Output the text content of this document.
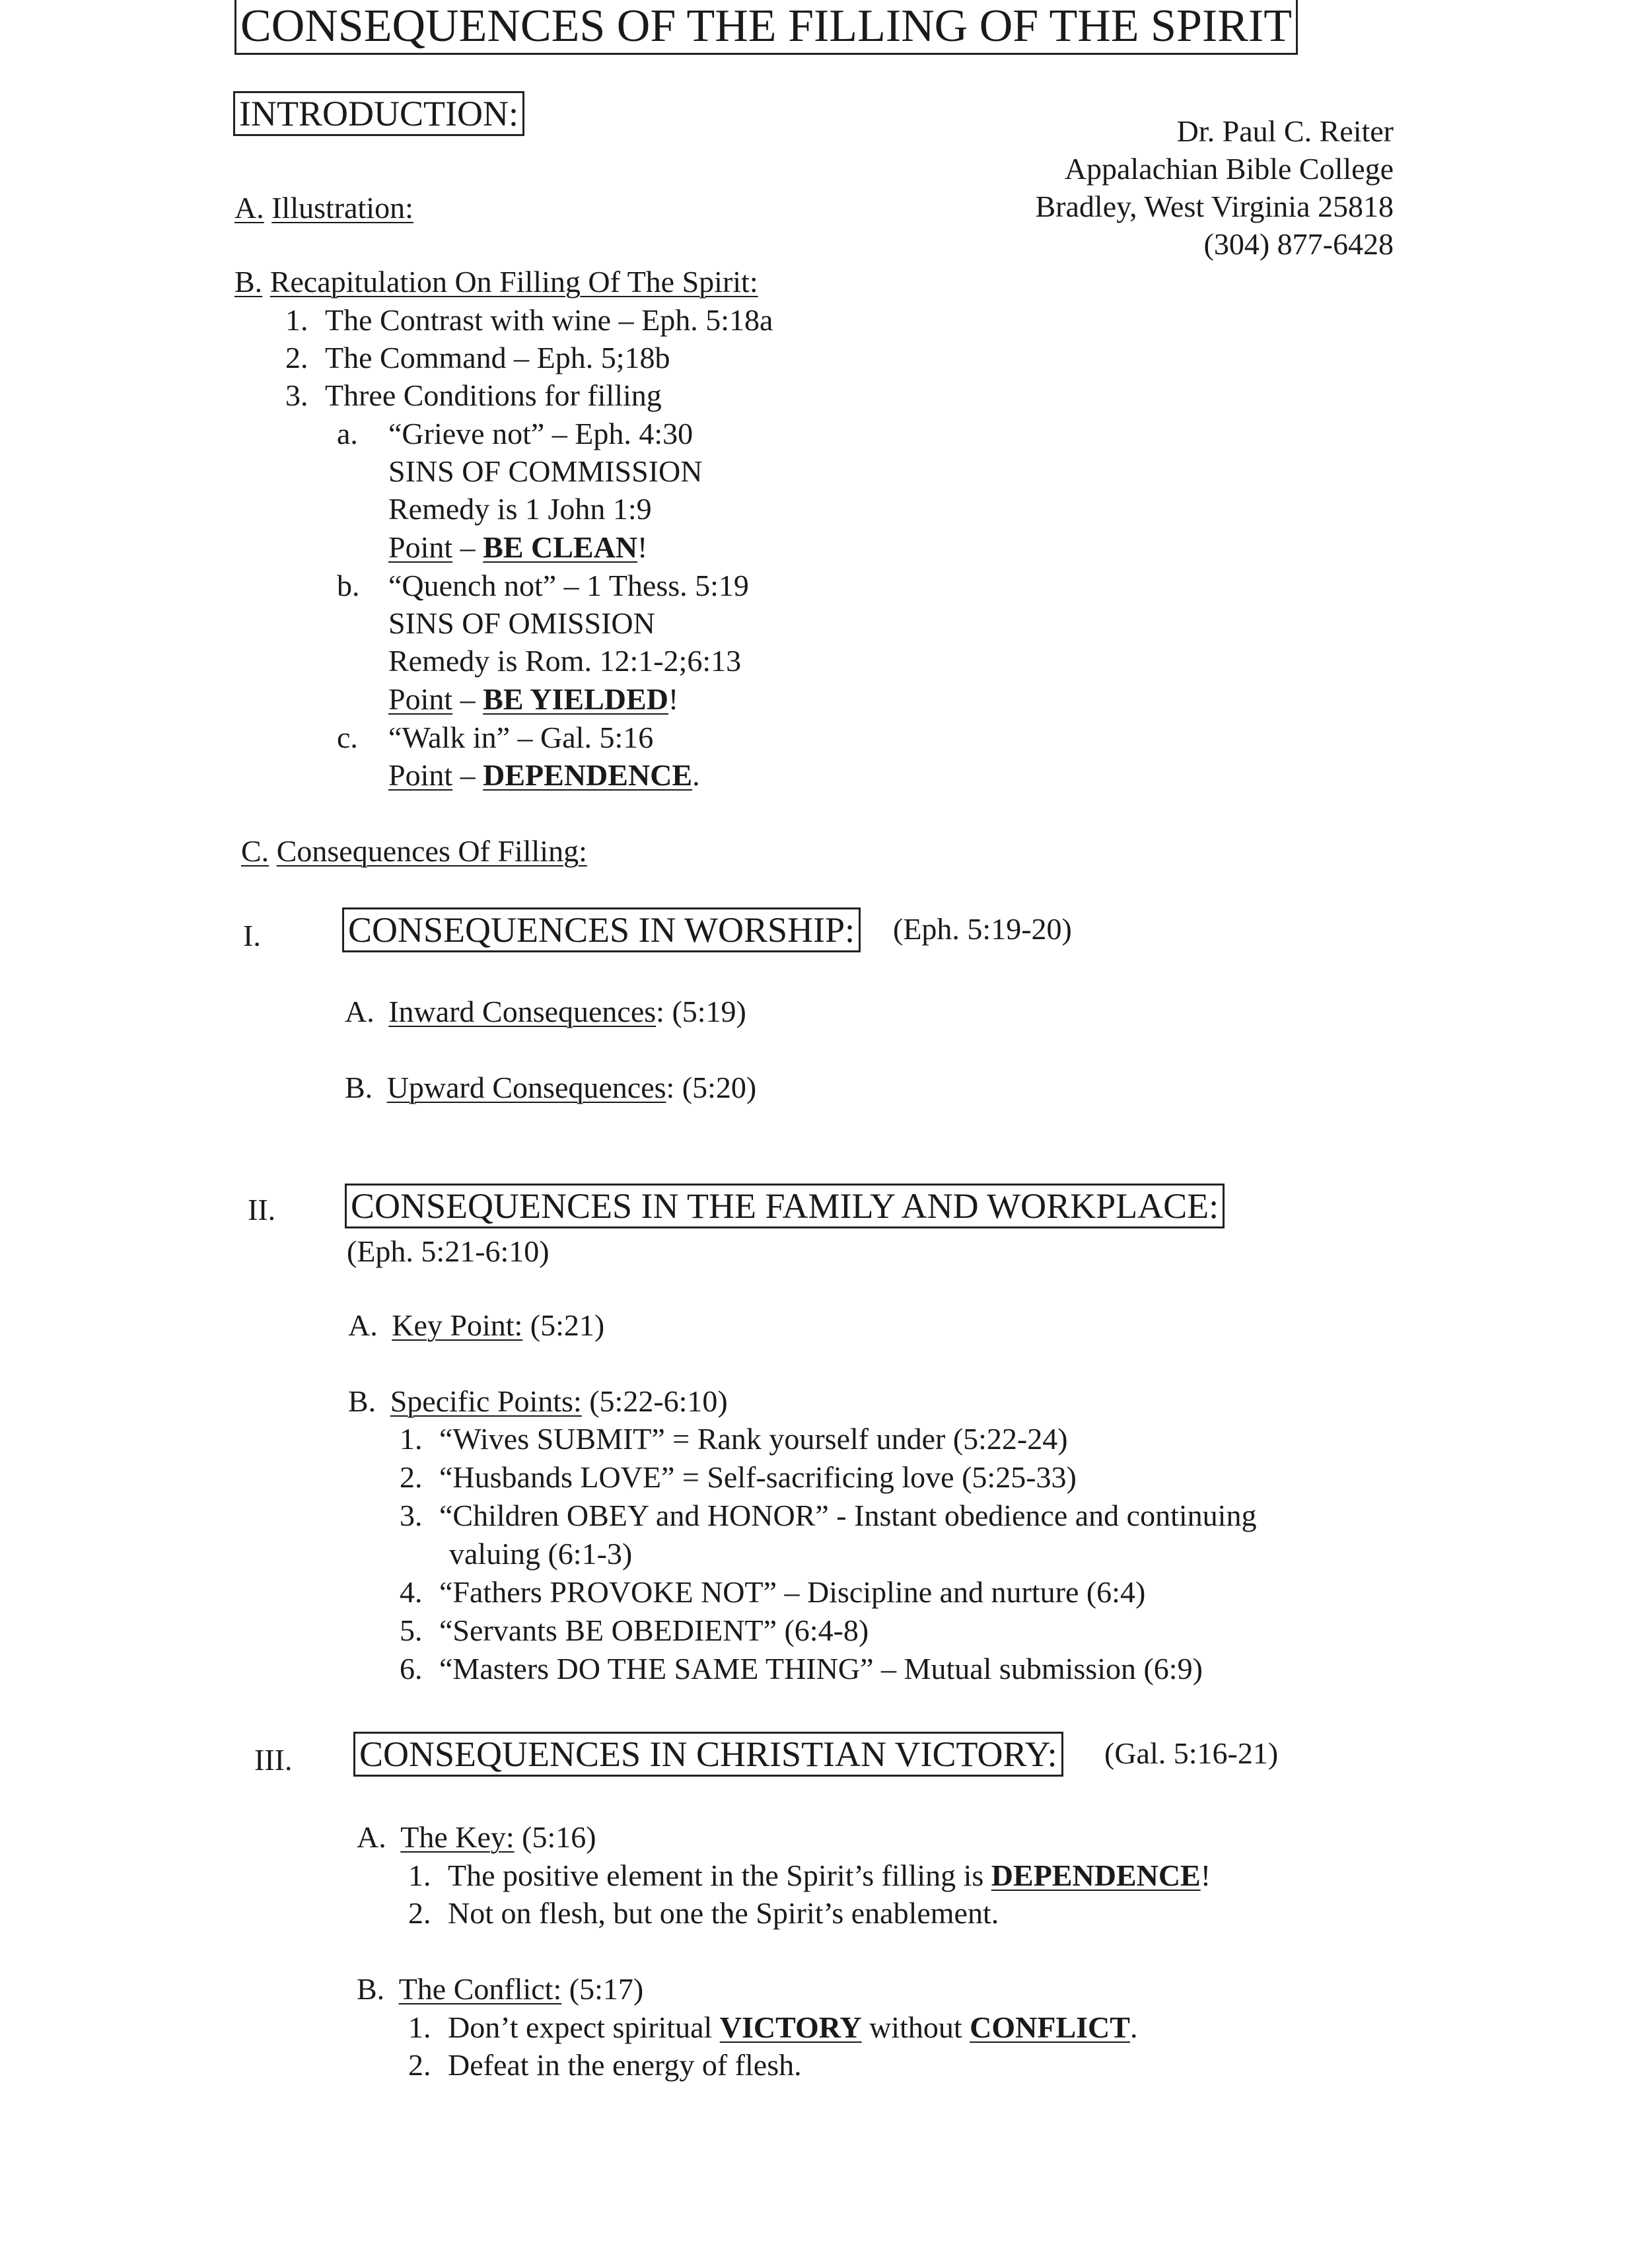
CONSEQUENCES OF THE FILLING OF THE SPIRIT
INTRODUCTION:	Dr. Paul C. Reiter
Appalachian Bible College
Bradley, West Virginia 25818
(304) 877-6428
A. Illustration:
B. Recapitulation On Filling Of The Spirit:
1. The Contrast with wine – Eph. 5:18a
2. The Command – Eph. 5;18b
3. Three Conditions for filling
a. “Grieve not” – Eph. 4:30
SINS OF COMMISSION
Remedy is 1 John 1:9
Point – BE CLEAN!
b. “Quench not” – 1 Thess. 5:19
SINS OF OMISSION
Remedy is Rom. 12:1-2;6:13
Point – BE YIELDED!
c. “Walk in” – Gal. 5:16
Point – DEPENDENCE.
C. Consequences Of Filling:
I. CONSEQUENCES IN WORSHIP: (Eph. 5:19-20)
A. Inward Consequences: (5:19)
B. Upward Consequences: (5:20)
II. CONSEQUENCES IN THE FAMILY AND WORKPLACE:
(Eph. 5:21-6:10)
A. Key Point: (5:21)
B. Specific Points: (5:22-6:10)
1. “Wives SUBMIT” = Rank yourself under (5:22-24)
2. “Husbands LOVE” = Self-sacrificing love (5:25-33)
3. “Children OBEY and HONOR” - Instant obedience and continuing
valuing (6:1-3)
4. “Fathers PROVOKE NOT” – Discipline and nurture (6:4)
5. “Servants BE OBEDIENT” (6:4-8)
6. “Masters DO THE SAME THING” – Mutual submission (6:9)
III. CONSEQUENCES IN CHRISTIAN VICTORY: (Gal. 5:16-21)
A. The Key: (5:16)
1. The positive element in the Spirit’s filling is DEPENDENCE!
2. Not on flesh, but one the Spirit’s enablement.
B. The Conflict: (5:17)
1. Don’t expect spiritual VICTORY without CONFLICT.
2. Defeat in the energy of flesh.
